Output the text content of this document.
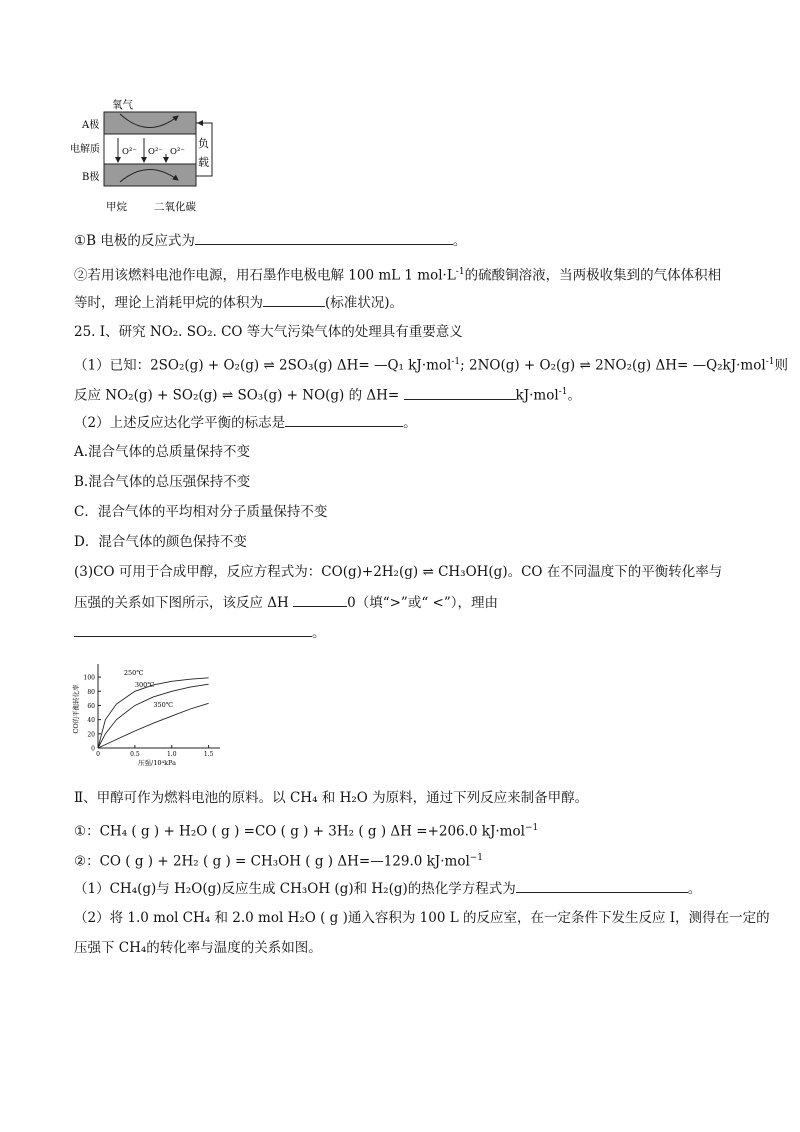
氧气
A极
电解质
B极
O²⁻ O²⁻ O²⁻
负
载
甲烷	二氧化碳
①B 电极的反应式为	。
②若用该燃料电池作电源，用石墨作电极电解 100 mL 1 $mol\cdot L^{-1}$的硫酸铜溶液，当两极收集到的气体体积相
等时，理论上消耗甲烷的体积为	(标准状况)。
25. Ⅰ、研究 NO₂. SO₂. CO 等大气污染气体的处理具有重要意义
（1）已知：2SO₂(g) + O₂(g) ⇌ 2SO₃(g) ΔH= —Q₁ kJ·mol$^{-1}$; 2NO(g) + O₂(g) ⇌ 2NO₂(g) ΔH= —Q₂kJ·mol$^{-1}$则
反应 NO₂(g) + SO₂(g) ⇌ SO₃(g) + NO(g) 的 ΔH=	kJ·mol$^{-1}$。
（2）上述反应达化学平衡的标志是	。
A.混合气体的总质量保持不变
B.混合气体的总压强保持不变
C．混合气体的平均相对分子质量保持不变
D．混合气体的颜色保持不变
(3)CO 可用于合成甲醇，反应方程式为：CO(g)+2H₂(g) ⇌ CH₃OH(g)。CO 在不同温度下的平衡转化率与
压强的关系如下图所示，该反应 ΔH	0（填“>”或“ <”），理由
。
0
20
40
60
80
100
0	0.5	1.0	1.5
压强/10⁴kPa
CO的平衡转化率
250℃
300℃
350℃
Ⅱ、甲醇可作为燃料电池的原料。以 CH₄ 和 H₂O 为原料，通过下列反应来制备甲醇。
①：CH₄ ( g ) + H₂O ( g ) =CO ( g ) + 3H₂ ( g ) ΔH =+206.0 kJ·mol$^{-1}$
②：CO ( g ) + 2H₂ ( g ) = CH₃OH ( g ) ΔH=—129.0 kJ·mol$^{-1}$
（1）CH₄(g)与 H₂O(g)反应生成 CH₃OH (g)和 H₂(g)的热化学方程式为	。
（2）将 1.0 mol CH₄ 和 2.0 mol H₂O ( g )通入容积为 100 L 的反应室，在一定条件下发生反应 I，测得在一定的
压强下 CH₄的转化率与温度的关系如图。
